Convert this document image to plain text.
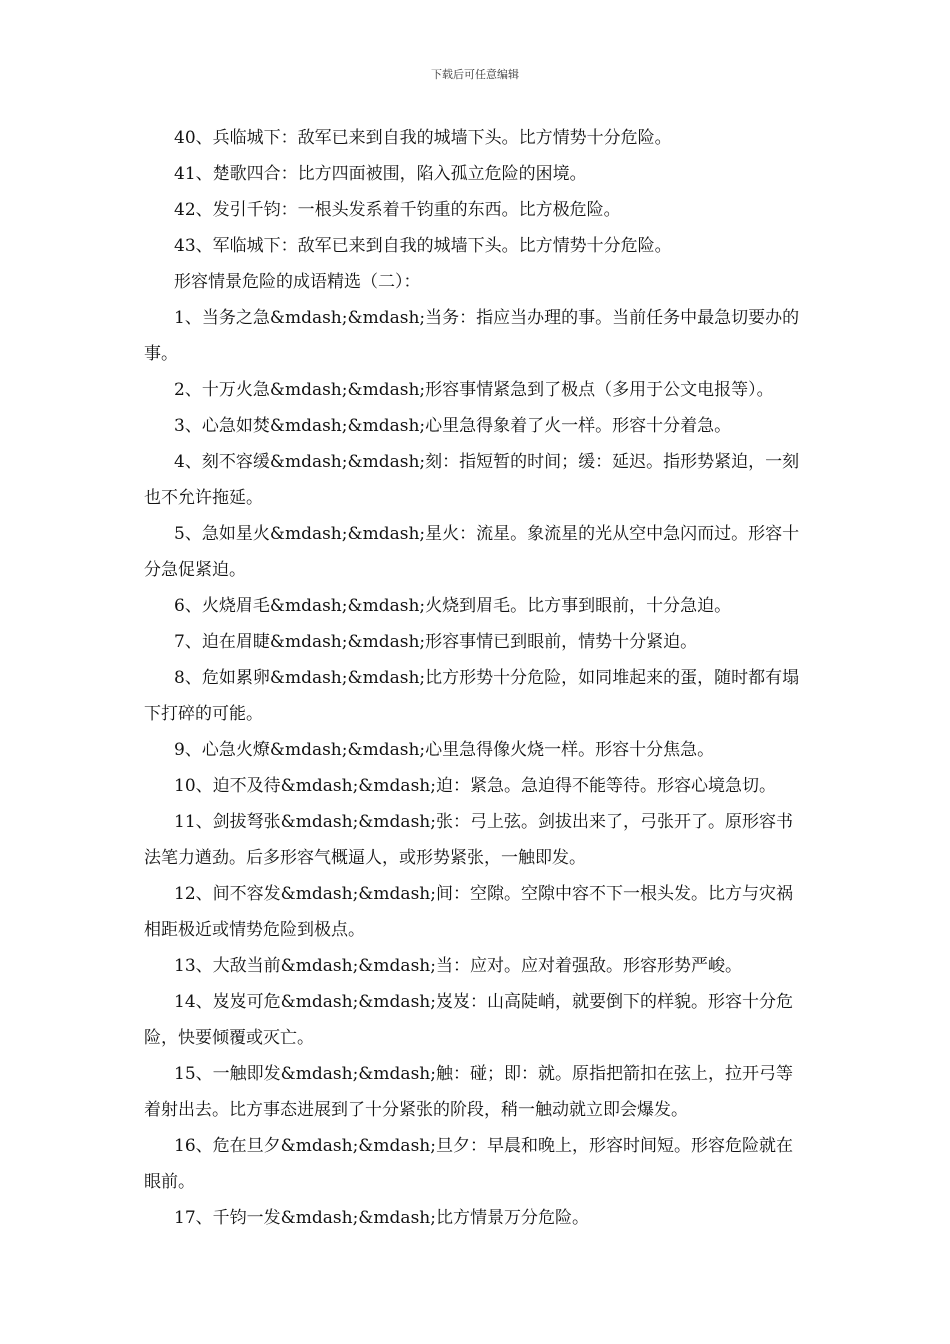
下载后可任意编辑

40、兵临城下：敌军已来到自我的城墙下头。比方情势十分危险。

41、楚歌四合：比方四面被围，陷入孤立危险的困境。

42、发引千钧：一根头发系着千钧重的东西。比方极危险。

43、军临城下：敌军已来到自我的城墙下头。比方情势十分危险。

形容情景危险的成语精选（二）：

1、当务之急&mdash;&mdash;当务：指应当办理的事。当前任务中最急切要办的事。

2、十万火急&mdash;&mdash;形容事情紧急到了极点（多用于公文电报等）。

3、心急如焚&mdash;&mdash;心里急得象着了火一样。形容十分着急。

4、刻不容缓&mdash;&mdash;刻：指短暂的时间；缓：延迟。指形势紧迫，一刻也不允许拖延。

5、急如星火&mdash;&mdash;星火：流星。象流星的光从空中急闪而过。形容十分急促紧迫。

6、火烧眉毛&mdash;&mdash;火烧到眉毛。比方事到眼前，十分急迫。

7、迫在眉睫&mdash;&mdash;形容事情已到眼前，情势十分紧迫。

8、危如累卵&mdash;&mdash;比方形势十分危险，如同堆起来的蛋，随时都有塌下打碎的可能。

9、心急火燎&mdash;&mdash;心里急得像火烧一样。形容十分焦急。

10、迫不及待&mdash;&mdash;迫：紧急。急迫得不能等待。形容心境急切。

11、剑拔弩张&mdash;&mdash;张：弓上弦。剑拔出来了，弓张开了。原形容书法笔力遒劲。后多形容气概逼人，或形势紧张，一触即发。

12、间不容发&mdash;&mdash;间：空隙。空隙中容不下一根头发。比方与灾祸相距极近或情势危险到极点。

13、大敌当前&mdash;&mdash;当：应对。应对着强敌。形容形势严峻。

14、岌岌可危&mdash;&mdash;岌岌：山高陡峭，就要倒下的样貌。形容十分危险，快要倾覆或灭亡。

15、一触即发&mdash;&mdash;触：碰；即：就。原指把箭扣在弦上，拉开弓等着射出去。比方事态进展到了十分紧张的阶段，稍一触动就立即会爆发。

16、危在旦夕&mdash;&mdash;旦夕：早晨和晚上，形容时间短。形容危险就在眼前。

17、千钧一发&mdash;&mdash;比方情景万分危险。
